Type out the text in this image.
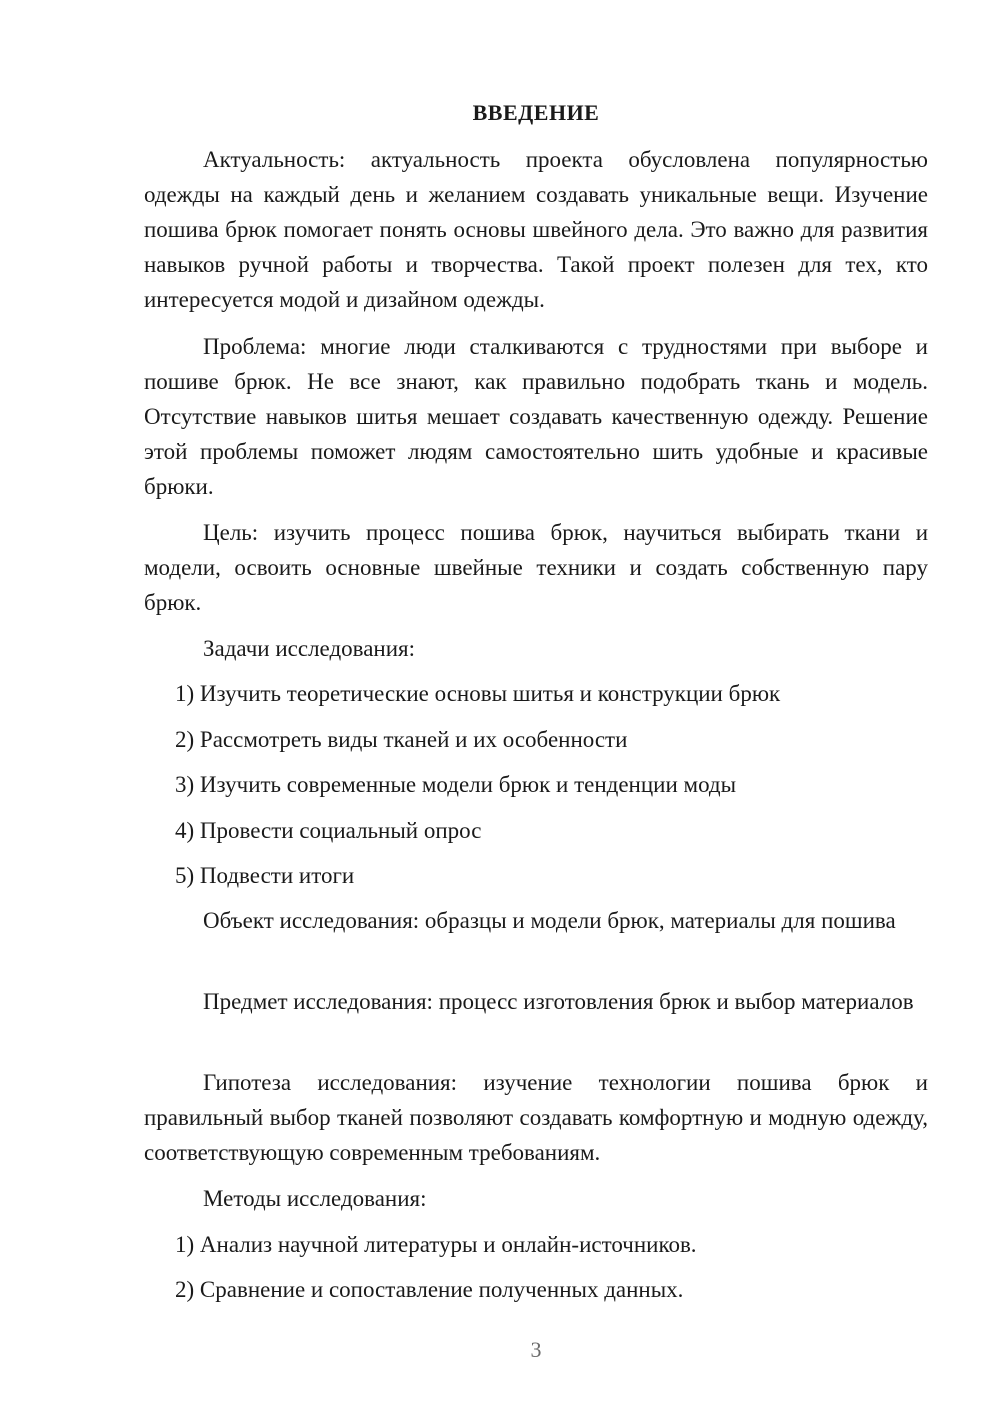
ВВЕДЕНИЕ

Актуальность: актуальность проекта обусловлена популярностью одежды на каждый день и желанием создавать уникальные вещи. Изучение пошива брюк помогает понять основы швейного дела. Это важно для развития навыков ручной работы и творчества. Такой проект полезен для тех, кто интересуется модой и дизайном одежды.

Проблема: многие люди сталкиваются с трудностями при выборе и пошиве брюк. Не все знают, как правильно подобрать ткань и модель. Отсутствие навыков шитья мешает создавать качественную одежду. Решение этой проблемы поможет людям самостоятельно шить удобные и красивые брюки.

Цель: изучить процесс пошива брюк, научиться выбирать ткани и модели, освоить основные швейные техники и создать собственную пару брюк.

Задачи исследования:

1) Изучить теоретические основы шитья и конструкции брюк

2) Рассмотреть виды тканей и их особенности

3) Изучить современные модели брюк и тенденции моды

4) Провести социальный опрос

5) Подвести итоги

Объект исследования: образцы и модели брюк, материалы для пошива

Предмет исследования: процесс изготовления брюк и выбор материалов

Гипотеза исследования: изучение технологии пошива брюк и правильный выбор тканей позволяют создавать комфортную и модную одежду, соответствующую современным требованиям.

Методы исследования:

1) Анализ научной литературы и онлайн-источников.

2) Сравнение и сопоставление полученных данных.

3
